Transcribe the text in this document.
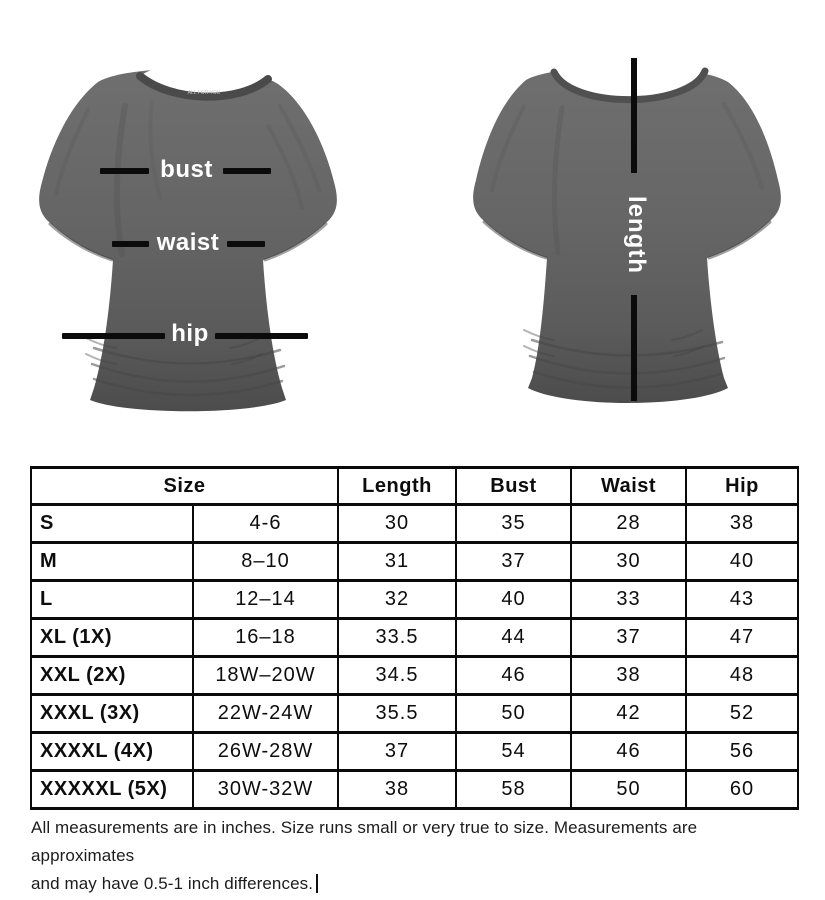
ALL FOR YOU
bust
waist
hip
length
Size		Length	Bust	Waist	Hip
S	4-6	30	35	28	38
M	8–10	31	37	30	40
L	12–14	32	40	33	43
XL (1X)	16–18	33.5	44	37	47
XXL (2X)	18W–20W	34.5	46	38	48
XXXL (3X)	22W-24W	35.5	50	42	52
XXXXL (4X)	26W-28W	37	54	46	56
XXXXXL (5X)	30W-32W	38	58	50	60
All measurements are in inches. Size runs small or very true to size. Measurements are approximates
and may have 0.5-1 inch differences.
